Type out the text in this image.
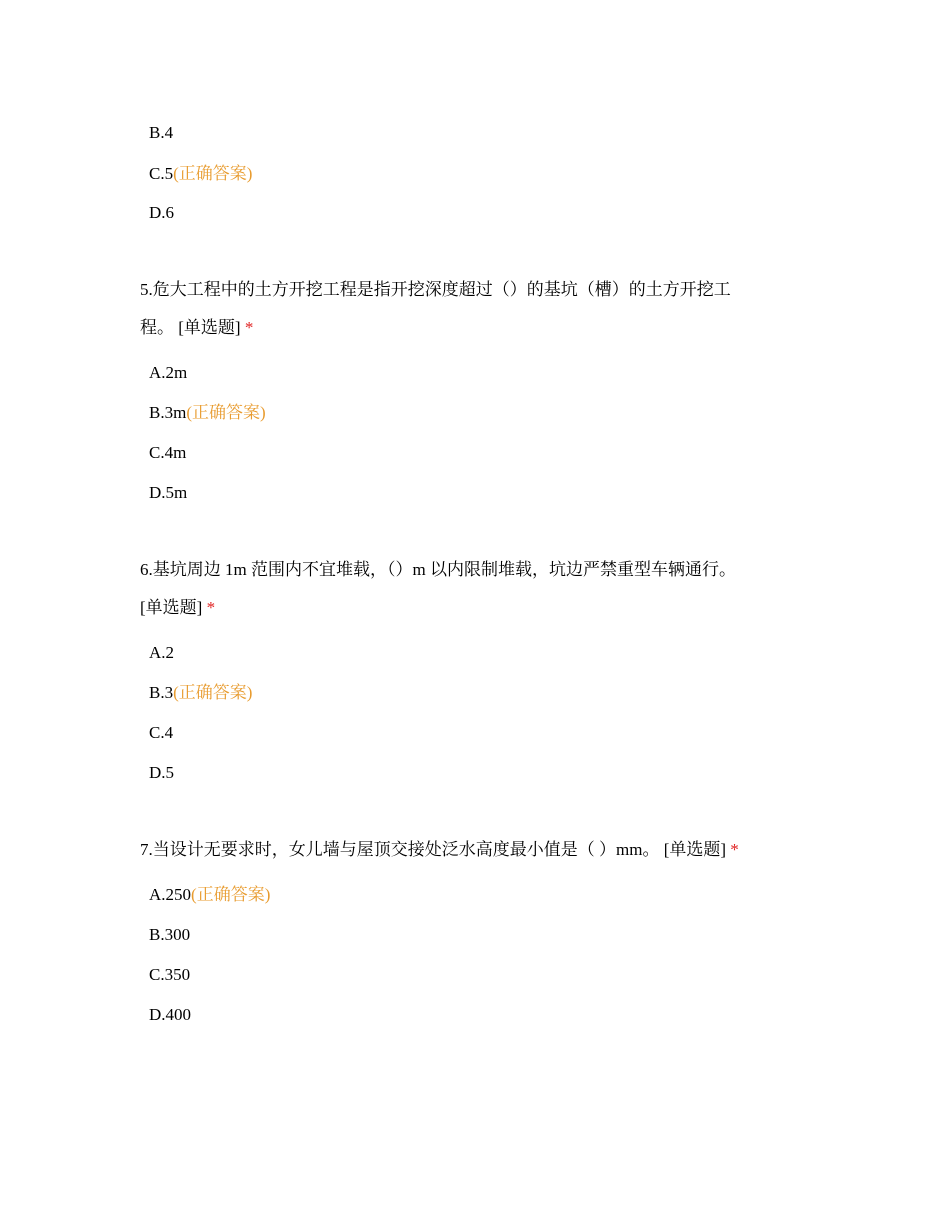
B.4
C.5(正确答案)
D.6
5.危大工程中的土方开挖工程是指开挖深度超过（）的基坑（槽）的土方开挖工
程。 [单选题] *
A.2m
B.3m(正确答案)
C.4m
D.5m
6.基坑周边 1m 范围内不宜堆载，（）m 以内限制堆载，坑边严禁重型车辆通行。
[单选题] *
A.2
B.3(正确答案)
C.4
D.5
7.当设计无要求时，女儿墙与屋顶交接处泛水高度最小值是（ ）mm。 [单选题] *
A.250(正确答案)
B.300
C.350
D.400
